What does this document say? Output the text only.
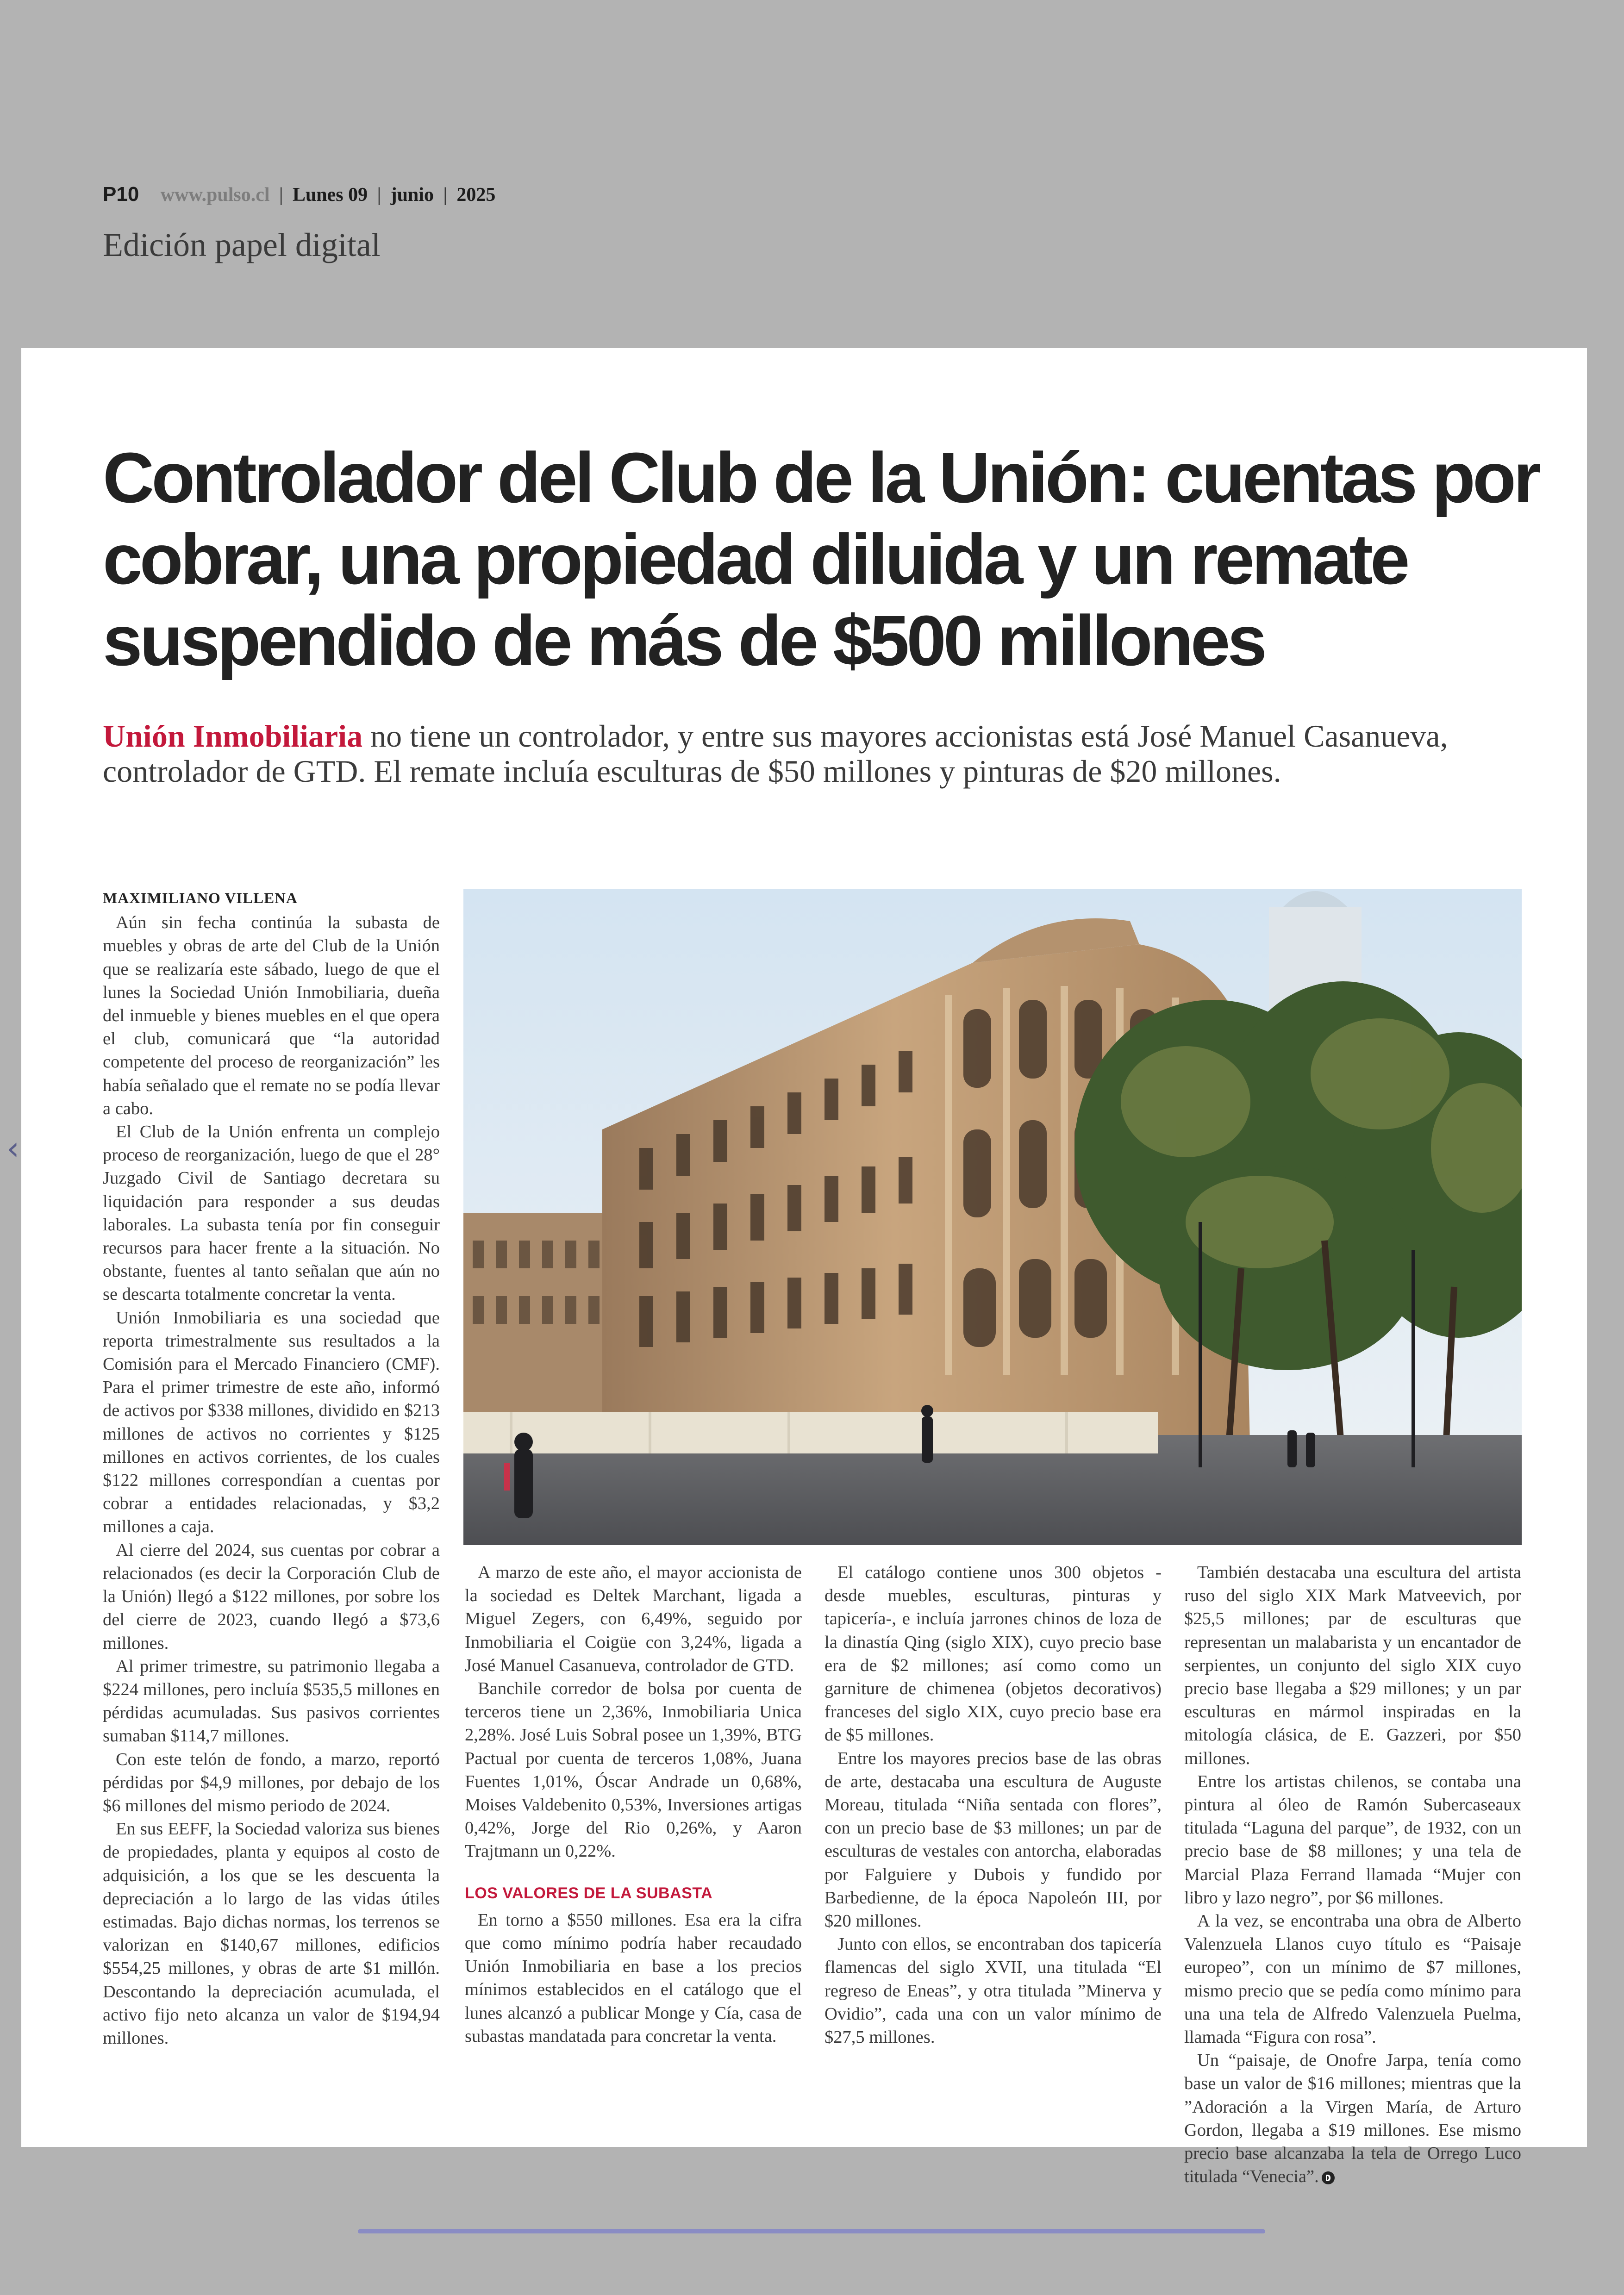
P10 www.pulso.cl | Lunes 09 | junio | 2025
Edición papel digital
‹
Controlador del Club de la Unión: cuentas por cobrar, una propiedad diluida y un remate suspendido de más de $500 millones

Unión Inmobiliaria no tiene un controlador, y entre sus mayores accionistas está José Manuel Casanueva, controlador de GTD. El remate incluía esculturas de $50 millones y pinturas de $20 millones.

MAXIMILIANO VILLENA

Aún sin fecha continúa la subasta de muebles y obras de arte del Club de la Unión que se realizaría este sábado, luego de que el lunes la Sociedad Unión Inmobiliaria, dueña del inmueble y bienes muebles en el que opera el club, comunicará que “la autoridad competente del proceso de reorganización” les había señalado que el remate no se podía llevar a cabo.

El Club de la Unión enfrenta un complejo proceso de reorganización, luego de que el 28° Juzgado Civil de Santiago decretara su liquidación para responder a sus deudas laborales. La subasta tenía por fin conseguir recursos para hacer frente a la situación. No obstante, fuentes al tanto señalan que aún no se descarta totalmente concretar la venta.

Unión Inmobiliaria es una sociedad que reporta trimestralmente sus resultados a la Comisión para el Mercado Financiero (CMF). Para el primer trimestre de este año, informó de activos por $338 millones, dividido en $213 millones de activos no corrientes y $125 millones en activos corrientes, de los cuales $122 millones correspondían a cuentas por cobrar a entidades relacionadas, y $3,2 millones a caja.

Al cierre del 2024, sus cuentas por cobrar a relacionados (es decir la Corporación Club de la Unión) llegó a $122 millones, por sobre los del cierre de 2023, cuando llegó a $73,6 millones.

Al primer trimestre, su patrimonio llegaba a $224 millones, pero incluía $535,5 millones en pérdidas acumuladas. Sus pasivos corrientes sumaban $114,7 millones.

Con este telón de fondo, a marzo, reportó pérdidas por $4,9 millones, por debajo de los $6 millones del mismo periodo de 2024.

En sus EEFF, la Sociedad valoriza sus bienes de propiedades, planta y equipos al costo de adquisición, a los que se les descuenta la depreciación a lo largo de las vidas útiles estimadas. Bajo dichas normas, los terrenos se valorizan en $140,67 millones, edificios $554,25 millones, y obras de arte $1 millón. Descontando la depreciación acumulada, el activo fijo neto alcanza un valor de $194,94 millones.

A marzo de este año, el mayor accionista de la sociedad es Deltek Marchant, ligada a Miguel Zegers, con 6,49%, seguido por Inmobiliaria el Coigüe con 3,24%, ligada a José Manuel Casanueva, controlador de GTD.

Banchile corredor de bolsa por cuenta de terceros tiene un 2,36%, Inmobiliaria Unica 2,28%. José Luis Sobral posee un 1,39%, BTG Pactual por cuenta de terceros 1,08%, Juana Fuentes 1,01%, Óscar Andrade un 0,68%, Moises Valdebenito 0,53%, Inversiones artigas 0,42%, Jorge del Rio 0,26%, y Aaron Trajtmann un 0,22%.

LOS VALORES DE LA SUBASTA

En torno a $550 millones. Esa era la cifra que como mínimo podría haber recaudado Unión Inmobiliaria en base a los precios mínimos establecidos en el catálogo que el lunes alcanzó a publicar Monge y Cía, casa de subastas mandatada para concretar la venta.

El catálogo contiene unos 300 objetos - desde muebles, esculturas, pinturas y tapicería-, e incluía jarrones chinos de loza de la dinastía Qing (siglo XIX), cuyo precio base era de $2 millones; así como como un garniture de chimenea (objetos decorativos) franceses del siglo XIX, cuyo precio base era de $5 millones.

Entre los mayores precios base de las obras de arte, destacaba una escultura de Auguste Moreau, titulada “Niña sentada con flores”, con un precio base de $3 millones; un par de esculturas de vestales con antorcha, elaboradas por Falguiere y Dubois y fundido por Barbedienne, de la época Napoleón III, por $20 millones.

Junto con ellos, se encontraban dos tapicería flamencas del siglo XVII, una titulada “El regreso de Eneas”, y otra titulada ”Minerva y Ovidio”, cada una con un valor mínimo de $27,5 millones.

También destacaba una escultura del artista ruso del siglo XIX Mark Matveevich, por $25,5 millones; par de esculturas que representan un malabarista y un encantador de serpientes, un conjunto del siglo XIX cuyo precio base llegaba a $29 millones; y un par esculturas en mármol inspiradas en la mitología clásica, de E. Gazzeri, por $50 millones.

Entre los artistas chilenos, se contaba una pintura al óleo de Ramón Subercaseaux titulada “Laguna del parque”, de 1932, con un precio base de $8 millones; y una tela de Marcial Plaza Ferrand llamada “Mujer con libro y lazo negro”, por $6 millones.

A la vez, se encontraba una obra de Alberto Valenzuela Llanos cuyo título es “Paisaje europeo”, con un mínimo de $7 millones, mismo precio que se pedía como mínimo para una una tela de Alfredo Valenzuela Puelma, llamada “Figura con rosa”.

Un “paisaje, de Onofre Jarpa, tenía como base un valor de $16 millones; mientras que la ”Adoración a la Virgen María, de Arturo Gordon, llegaba a $19 millones. Ese mismo precio base alcanzaba la tela de Orrego Luco titulada “Venecia”.
